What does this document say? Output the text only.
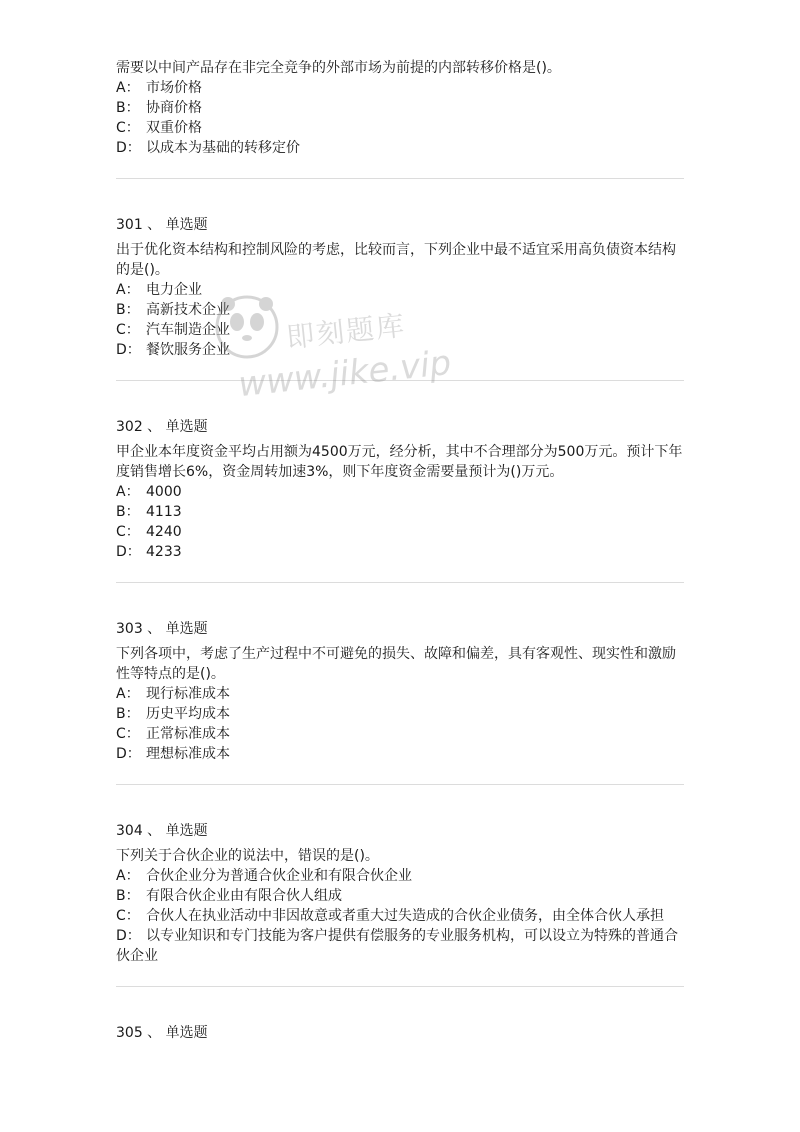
需要以中间产品存在非完全竞争的外部市场为前提的内部转移价格是()。

A： 市场价格

B： 协商价格

C： 双重价格

D： 以成本为基础的转移定价

301 、 单选题

出于优化资本结构和控制风险的考虑，比较而言，下列企业中最不适宜采用高负债资本结构的是()。

A： 电力企业

B： 高新技术企业

C： 汽车制造企业

D： 餐饮服务企业

302 、 单选题

甲企业本年度资金平均占用额为4500万元，经分析，其中不合理部分为500万元。预计下年度销售增长6%，资金周转加速3%，则下年度资金需要量预计为()万元。

A： 4000

B： 4113

C： 4240

D： 4233

303 、 单选题

下列各项中，考虑了生产过程中不可避免的损失、故障和偏差，具有客观性、现实性和激励性等特点的是()。

A： 现行标准成本

B： 历史平均成本

C： 正常标准成本

D： 理想标准成本

304 、 单选题

下列关于合伙企业的说法中，错误的是()。

A： 合伙企业分为普通合伙企业和有限合伙企业

B： 有限合伙企业由有限合伙人组成

C： 合伙人在执业活动中非因故意或者重大过失造成的合伙企业债务，由全体合伙人承担

D： 以专业知识和专门技能为客户提供有偿服务的专业服务机构，可以设立为特殊的普通合伙企业

305 、 单选题

即刻题库
www.jike.vip
